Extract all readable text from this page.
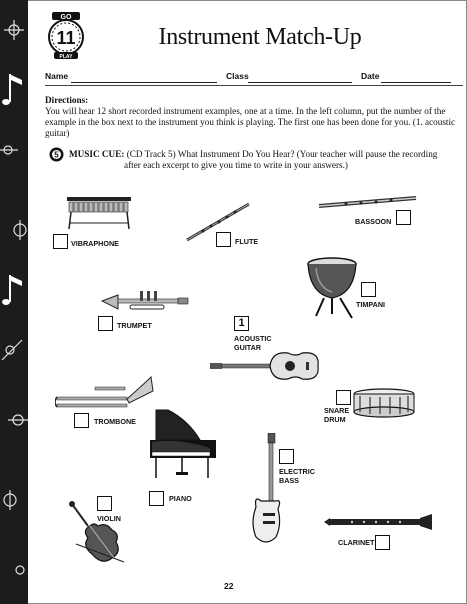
11
GO
PLAY
Instrument Match-Up
Name	Class	Date
Directions:
You will hear 12 short recorded instrument examples, one at a time. In the left column, put the number of the example in the box next to the instrument you think is playing. The first one has been done for you. (1. acoustic guitar)
5 MUSIC CUE: (CD Track 5) What Instrument Do You Hear? (Your teacher will pause the recording
after each excerpt to give you time to write in your answers.)
VIBRAPHONE	FLUTE
BASSOON
TIMPANI
TRUMPET	1
ACOUSTIC
GUITAR
TROMBONE
SNARE
DRUM
PIANO
ELECTRIC
BASS
VIOLIN
CLARINET
22
